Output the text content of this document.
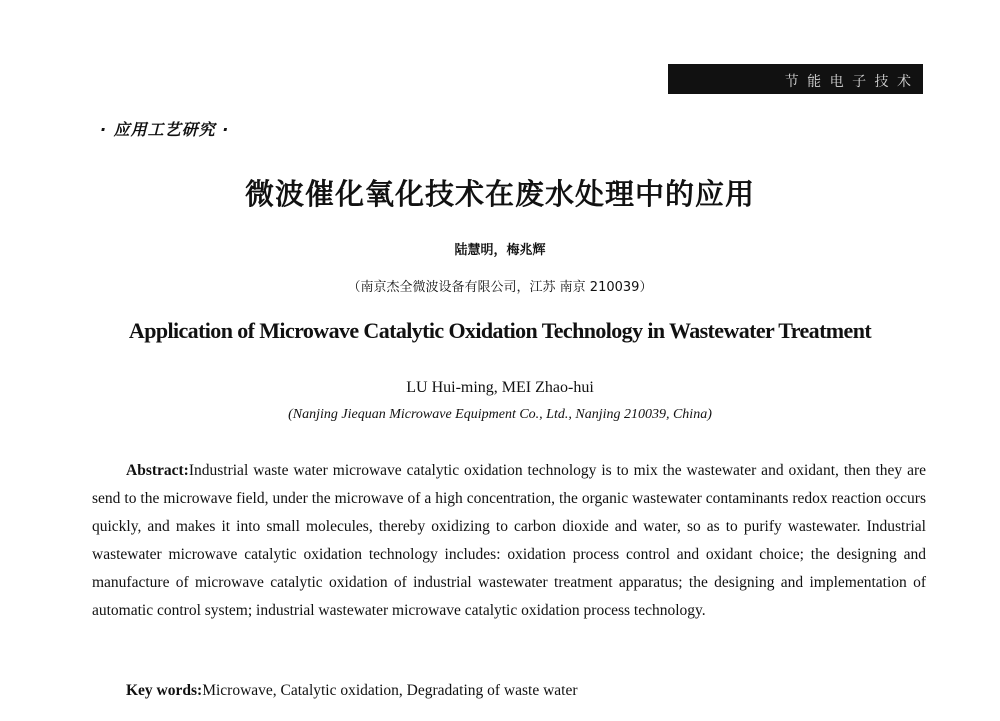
节 能 电 子 技 术
· 应用工艺研究 ·
微波催化氧化技术在废水处理中的应用
陆慧明，梅兆辉
（南京杰全微波设备有限公司，江苏 南京 210039）
Application of Microwave Catalytic Oxidation Technology in Wastewater Treatment
LU Hui-ming, MEI Zhao-hui
(Nanjing Jiequan Microwave Equipment Co., Ltd., Nanjing 210039, China)

Abstract:Industrial waste water microwave catalytic oxidation technology is to mix the wastewater and oxidant, then they are send to the microwave field, under the microwave of a high concentration, the organic wastewater contaminants redox reaction occurs quickly, and makes it into small molecules, thereby oxidizing to carbon dioxide and water, so as to purify wastewater. Industrial wastewater microwave catalytic oxidation technology includes: oxidation process control and oxidant choice; the designing and manufacture of microwave catalytic oxidation of industrial wastewater treatment apparatus; the designing and implementation of automatic control system; industrial wastewater microwave catalytic oxidation process technology.

Key words:Microwave, Catalytic oxidation, Degradating of waste water
